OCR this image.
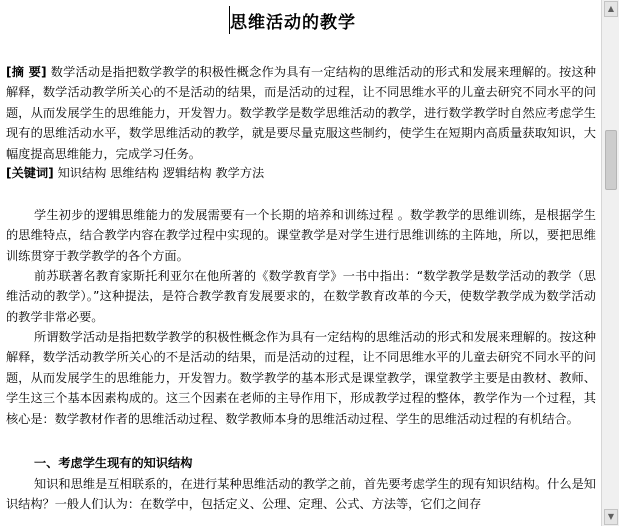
思维活动的教学

[摘 要] 数学活动是指把数学教学的积极性概念作为具有一定结构的思维活动的形式和发展来理解的。按这种解释，数学活动教学所关心的不是活动的结果，而是活动的过程，让不同思维水平的儿童去研究不同水平的问题，从而发展学生的思维能力，开发智力。数学教学是数学思维活动的教学，进行数学教学时自然应考虑学生现有的思维活动水平，数学思维活动的教学，就是要尽量克服这些制约，使学生在短期内高质量获取知识，大幅度提高思维能力，完成学习任务。

[关键词] 知识结构 思维结构 逻辑结构 教学方法

学生初步的逻辑思维能力的发展需要有一个长期的培养和训练过程 。数学教学的思维训练，是根据学生的思维特点，结合教学内容在教学过程中实现的。课堂教学是对学生进行思维训练的主阵地，所以，要把思维训练贯穿于教学教学的各个方面。

前苏联著名教育家斯托利亚尔在他所著的《数学教育学》一书中指出：“数学教学是数学活动的教学（思维活动的教学）。”这种提法，是符合教学教育发展要求的，在数学教育改革的今天，使数学教学成为数学活动的教学非常必要。

所谓数学活动是指把数学教学的积极性概念作为具有一定结构的思维活动的形式和发展来理解的。按这种解释，数学活动教学所关心的不是活动的结果，而是活动的过程，让不同思维水平的儿童去研究不同水平的问题，从而发展学生的思维能力，开发智力。数学教学的基本形式是课堂教学，课堂教学主要是由教材、教师、学生这三个基本因素构成的。这三个因素在老师的主导作用下，形成教学过程的整体，教学作为一个过程，其核心是：数学教材作者的思维活动过程、数学教师本身的思维活动过程、学生的思维活动过程的有机结合。

一、考虑学生现有的知识结构

知识和思维是互相联系的，在进行某种思维活动的教学之前，首先要考虑学生的现有知识结构。什么是知识结构？一般人们认为：在数学中，包括定义、公理、定理、公式、方法等，它们之间存

▲
▼
